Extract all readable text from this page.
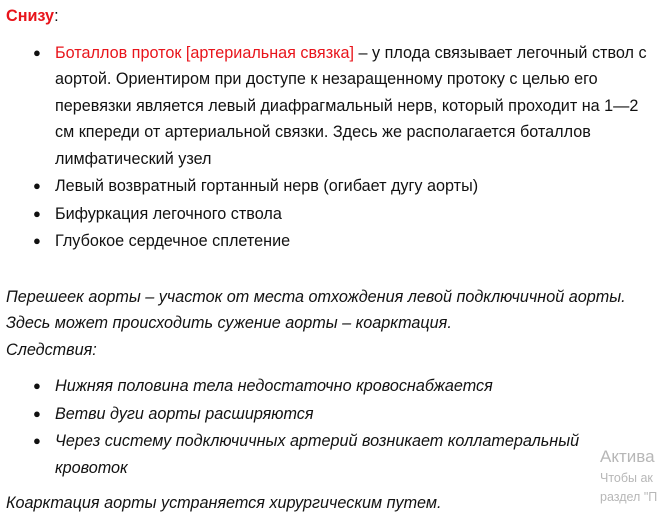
Снизу:

● Боталлов проток [артериальная связка] – у плода связывает легочный ствол с аортой. Ориентиром при доступе к незаращенному протоку с целью его перевязки является левый диафрагмальный нерв, который проходит на 1—2 см кпереди от артериальной связки. Здесь же располагается боталлов лимфатический узел
● Левый возвратный гортанный нерв (огибает дугу аорты)
● Бифуркация легочного ствола
● Глубокое сердечное сплетение

Перешеек аорты – участок от места отхождения левой подключичной аорты. Здесь может происходить сужение аорты – коарктация.
Следствия:

● Нижняя половина тела недостаточно кровоснабжается
● Ветви дуги аорты расширяются
● Через систему подключичных артерий возникает коллатеральный кровоток

Коарктация аорты устраняется хирургическим путем.

Актива
Чтобы ак
раздел "П
